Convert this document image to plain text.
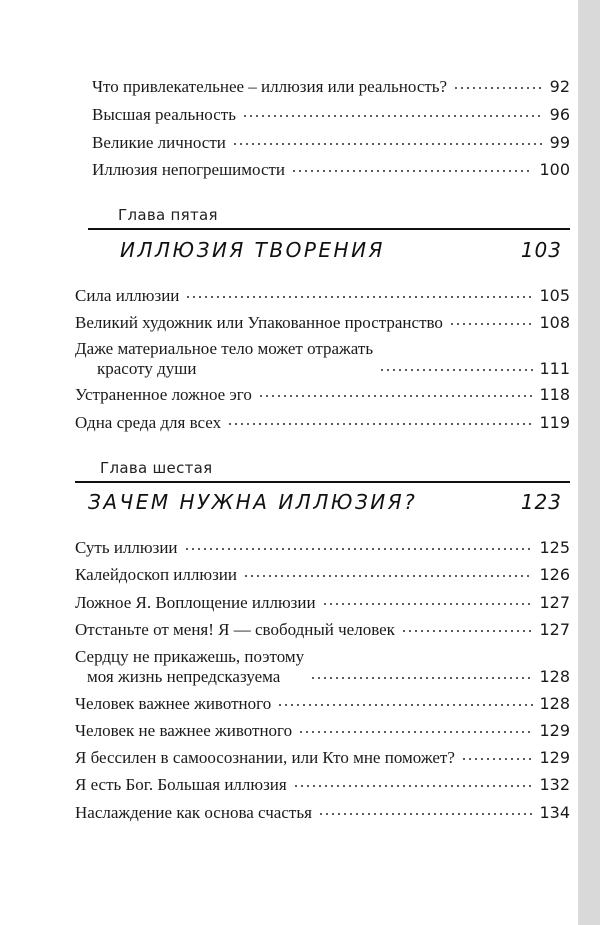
Что привлекательнее – иллюзия или реальность?	92
Высшая реальность	96
Великие личности	99
Иллюзия непогрешимости	100
Глава пятая
ИЛЛЮЗИЯ ТВОРЕНИЯ	103
Сила иллюзии	105
Великий художник или Упакованное пространство	108
Даже материальное тело может отражать
красоту души	111
Устраненное ложное эго	118
Одна среда для всех	119
Глава шестая
ЗАЧЕМ НУЖНА ИЛЛЮЗИЯ?	123
Суть иллюзии	125
Калейдоскоп иллюзии	126
Ложное Я. Воплощение иллюзии	127
Отстаньте от меня! Я — свободный человек	127
Сердцу не прикажешь, поэтому
моя жизнь непредсказуема	128
Человек важнее животного	128
Человек не важнее животного	129
Я бессилен в самоосознании, или Кто мне поможет?	129
Я есть Бог. Большая иллюзия	132
Наслаждение как основа счастья	134
